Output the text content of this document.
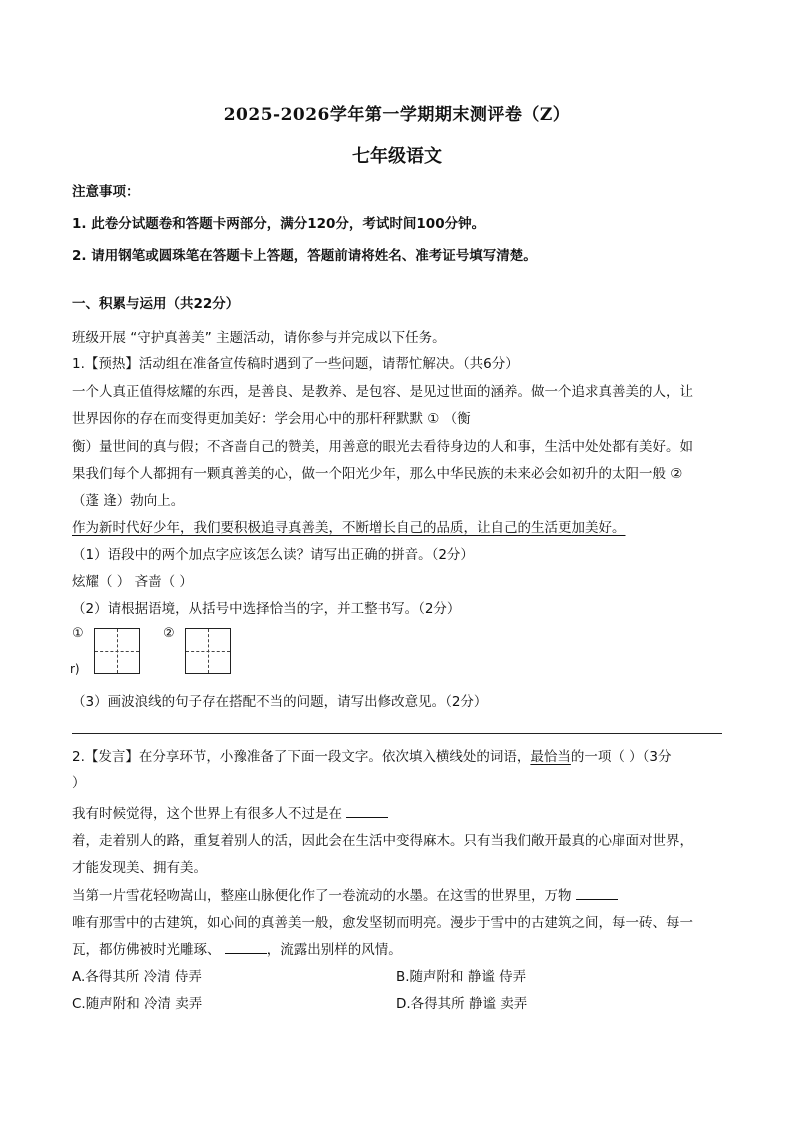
2025-2026学年第一学期期末测评卷（Z）
七年级语文
注意事项：
1. 此卷分试题卷和答题卡两部分，满分120分，考试时间100分钟。
2. 请用钢笔或圆珠笔在答题卡上答题，答题前请将姓名、准考证号填写清楚。
一、积累与运用（共22分）
班级开展 “守护真善美” 主题活动，请你参与并完成以下任务。
1.【预热】活动组在准备宣传稿时遇到了一些问题，请帮忙解决。（共6分）
一个人真正值得炫耀的东西，是善良、是教养、是包容、是见过世面的涵养。做一个追求真善美的人，让
世界因你的存在而变得更加美好：学会用心中的那杆秤默默 ① （衡
衡）量世间的真与假；不吝啬自己的赞美，用善意的眼光去看待身边的人和事，生活中处处都有美好。如
果我们每个人都拥有一颗真善美的心，做一个阳光少年，那么中华民族的未来必会如初升的太阳一般 ②
（蓬 逢）勃向上。
作为新时代好少年，我们要积极追寻真善美，不断增长自己的品质，让自己的生活更加美好。
（1）语段中的两个加点字应该怎么读？请写出正确的拼音。（2分）
炫耀（ ） 吝啬（ ）
（2）请根据语境，从括号中选择恰当的字，并工整书写。（2分）
①	②
r)
（3）画波浪线的句子存在搭配不当的问题，请写出修改意见。（2分）
2.【发言】在分享环节，小豫准备了下面一段文字。依次填入横线处的词语，最恰当的一项（ ）（3分
）
我有时候觉得，这个世界上有很多人不过是在
着，走着别人的路，重复着别人的活，因此会在生活中变得麻木。只有当我们敞开最真的心扉面对世界，
才能发现美、拥有美。
当第一片雪花轻吻嵩山，整座山脉便化作了一卷流动的水墨。在这雪的世界里，万物
唯有那雪中的古建筑，如心间的真善美一般，愈发坚韧而明亮。漫步于雪中的古建筑之间，每一砖、每一
瓦，都仿佛被时光雕琢、	，流露出别样的风情。
A.各得其所 冷清 侍弄	B.随声附和 静谧 侍弄
C.随声附和 冷清 卖弄	D.各得其所 静谧 卖弄
